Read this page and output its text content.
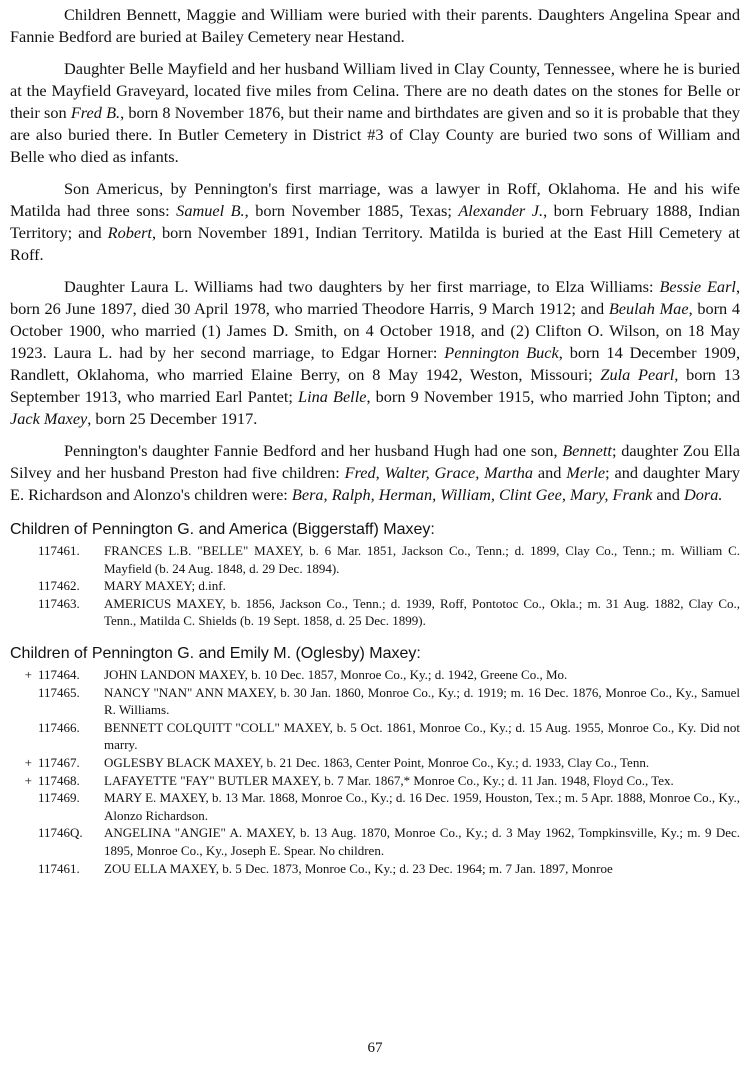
Children Bennett, Maggie and William were buried with their parents. Daughters Angelina Spear and Fannie Bedford are buried at Bailey Cemetery near Hestand.

Daughter Belle Mayfield and her husband William lived in Clay County, Tennessee, where he is buried at the Mayfield Graveyard, located five miles from Celina. There are no death dates on the stones for Belle or their son Fred B., born 8 November 1876, but their name and birthdates are given and so it is probable that they are also buried there. In Butler Cemetery in District #3 of Clay County are buried two sons of William and Belle who died as infants.

Son Americus, by Pennington's first marriage, was a lawyer in Roff, Oklahoma. He and his wife Matilda had three sons: Samuel B., born November 1885, Texas; Alexander J., born February 1888, Indian Territory; and Robert, born November 1891, Indian Territory. Matilda is buried at the East Hill Cemetery at Roff.

Daughter Laura L. Williams had two daughters by her first marriage, to Elza Williams: Bessie Earl, born 26 June 1897, died 30 April 1978, who married Theodore Harris, 9 March 1912; and Beulah Mae, born 4 October 1900, who married (1) James D. Smith, on 4 October 1918, and (2) Clifton O. Wilson, on 18 May 1923. Laura L. had by her second marriage, to Edgar Horner: Pennington Buck, born 14 December 1909, Randlett, Oklahoma, who married Elaine Berry, on 8 May 1942, Weston, Missouri; Zula Pearl, born 13 September 1913, who married Earl Pantet; Lina Belle, born 9 November 1915, who married John Tipton; and Jack Maxey, born 25 December 1917.

Pennington's daughter Fannie Bedford and her husband Hugh had one son, Bennett; daughter Zou Ella Silvey and her husband Preston had five children: Fred, Walter, Grace, Martha and Merle; and daughter Mary E. Richardson and Alonzo's children were: Bera, Ralph, Herman, William, Clint Gee, Mary, Frank and Dora.

Children of Pennington G. and America (Biggerstaff) Maxey:
117461.	FRANCES L.B. "BELLE" MAXEY, b. 6 Mar. 1851, Jackson Co., Tenn.; d. 1899, Clay Co., Tenn.; m. William C. Mayfield (b. 24 Aug. 1848, d. 29 Dec. 1894).
117462.	MARY MAXEY; d.inf.
117463.	AMERICUS MAXEY, b. 1856, Jackson Co., Tenn.; d. 1939, Roff, Pontotoc Co., Okla.; m. 31 Aug. 1882, Clay Co., Tenn., Matilda C. Shields (b. 19 Sept. 1858, d. 25 Dec. 1899).
Children of Pennington G. and Emily M. (Oglesby) Maxey:
+ 117464.	JOHN LANDON MAXEY, b. 10 Dec. 1857, Monroe Co., Ky.; d. 1942, Greene Co., Mo.
117465.	NANCY "NAN" ANN MAXEY, b. 30 Jan. 1860, Monroe Co., Ky.; d. 1919; m. 16 Dec. 1876, Monroe Co., Ky., Samuel R. Williams.
117466.	BENNETT COLQUITT "COLL" MAXEY, b. 5 Oct. 1861, Monroe Co., Ky.; d. 15 Aug. 1955, Monroe Co., Ky. Did not marry.
+ 117467.	OGLESBY BLACK MAXEY, b. 21 Dec. 1863, Center Point, Monroe Co., Ky.; d. 1933, Clay Co., Tenn.
+ 117468.	LAFAYETTE "FAY" BUTLER MAXEY, b. 7 Mar. 1867,* Monroe Co., Ky.; d. 11 Jan. 1948, Floyd Co., Tex.
117469.	MARY E. MAXEY, b. 13 Mar. 1868, Monroe Co., Ky.; d. 16 Dec. 1959, Houston, Tex.; m. 5 Apr. 1888, Monroe Co., Ky., Alonzo Richardson.
11746Q.	ANGELINA "ANGIE" A. MAXEY, b. 13 Aug. 1870, Monroe Co., Ky.; d. 3 May 1962, Tompkinsville, Ky.; m. 9 Dec. 1895, Monroe Co., Ky., Joseph E. Spear. No children.
117461.	ZOU ELLA MAXEY, b. 5 Dec. 1873, Monroe Co., Ky.; d. 23 Dec. 1964; m. 7 Jan. 1897, Monroe
67
